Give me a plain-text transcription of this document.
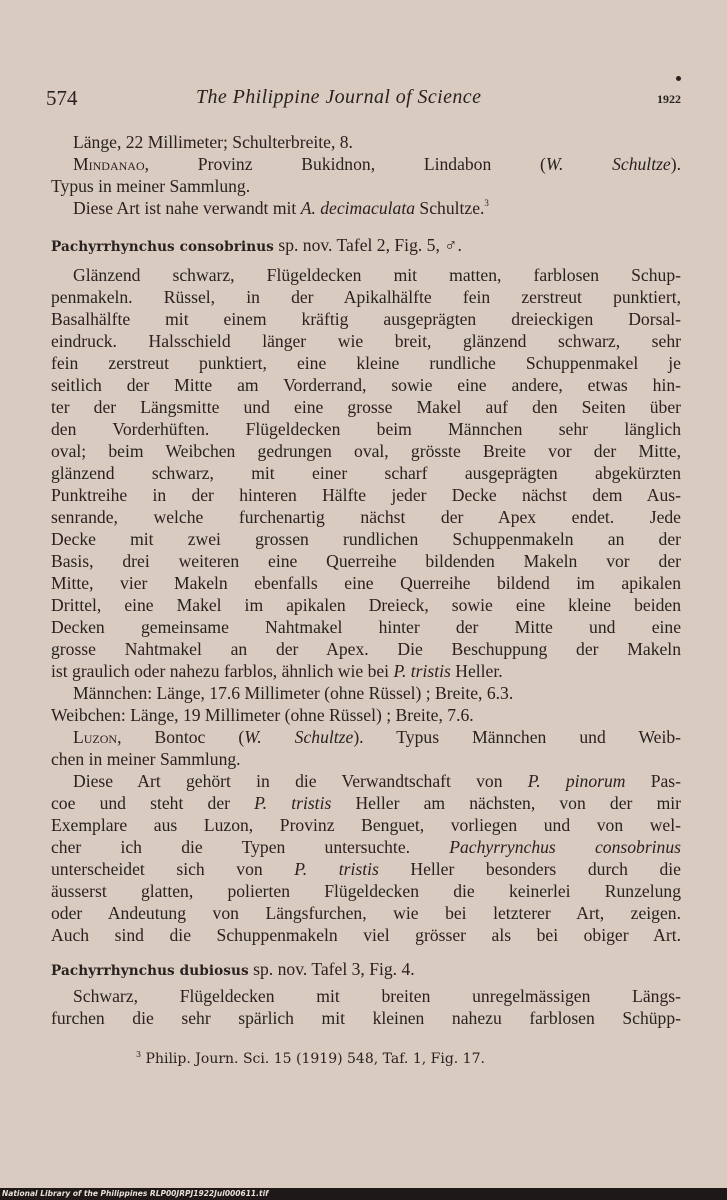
574	The Philippine Journal of Science	1922
Länge, 22 Millimeter; Schulterbreite, 8.
Mindanao, Provinz Bukidnon, Lindabon (W. Schultze).
Typus in meiner Sammlung.
Diese Art ist nahe verwandt mit A. decimaculata Schultze.$^3$
Pachyrrhynchus consobrinus sp. nov. Tafel 2, Fig. 5, ♂.
Glänzend schwarz, Flügeldecken mit matten, farblosen Schup-
penmakeln. Rüssel, in der Apikalhälfte fein zerstreut punktiert,
Basalhälfte mit einem kräftig ausgeprägten dreieckigen Dorsal-
eindruck. Halsschield länger wie breit, glänzend schwarz, sehr
fein zerstreut punktiert, eine kleine rundliche Schuppenmakel je
seitlich der Mitte am Vorderrand, sowie eine andere, etwas hin-
ter der Längsmitte und eine grosse Makel auf den Seiten über
den Vorderhüften. Flügeldecken beim Männchen sehr länglich
oval; beim Weibchen gedrungen oval, grösste Breite vor der Mitte,
glänzend schwarz, mit einer scharf ausgeprägten abgekürzten
Punktreihe in der hinteren Hälfte jeder Decke nächst dem Aus-
senrande, welche furchenartig nächst der Apex endet. Jede
Decke mit zwei grossen rundlichen Schuppenmakeln an der
Basis, drei weiteren eine Querreihe bildenden Makeln vor der
Mitte, vier Makeln ebenfalls eine Querreihe bildend im apikalen
Drittel, eine Makel im apikalen Dreieck, sowie eine kleine beiden
Decken gemeinsame Nahtmakel hinter der Mitte und eine
grosse Nahtmakel an der Apex. Die Beschuppung der Makeln
ist graulich oder nahezu farblos, ähnlich wie bei P. tristis Heller.
Männchen: Länge, 17.6 Millimeter (ohne Rüssel) ; Breite, 6.3.
Weibchen: Länge, 19 Millimeter (ohne Rüssel) ; Breite, 7.6.
Luzon, Bontoc (W. Schultze). Typus Männchen und Weib-
chen in meiner Sammlung.
Diese Art gehört in die Verwandtschaft von P. pinorum Pas-
coe und steht der P. tristis Heller am nächsten, von der mir
Exemplare aus Luzon, Provinz Benguet, vorliegen und von wel-
cher ich die Typen untersuchte. Pachyrrynchus consobrinus
unterscheidet sich von P. tristis Heller besonders durch die
äusserst glatten, polierten Flügeldecken die keinerlei Runzelung
oder Andeutung von Längsfurchen, wie bei letzterer Art, zeigen.
Auch sind die Schuppenmakeln viel grösser als bei obiger Art.
Pachyrrhynchus dubiosus sp. nov. Tafel 3, Fig. 4.
Schwarz, Flügeldecken mit breiten unregelmässigen Längs-
furchen die sehr spärlich mit kleinen nahezu farblosen Schüpp-
$^3$ Philip. Journ. Sci. 15 (1919) 548, Taf. 1, Fig. 17.
National Library of the Philippines RLP00JRPJ1922Jul000611.tif
